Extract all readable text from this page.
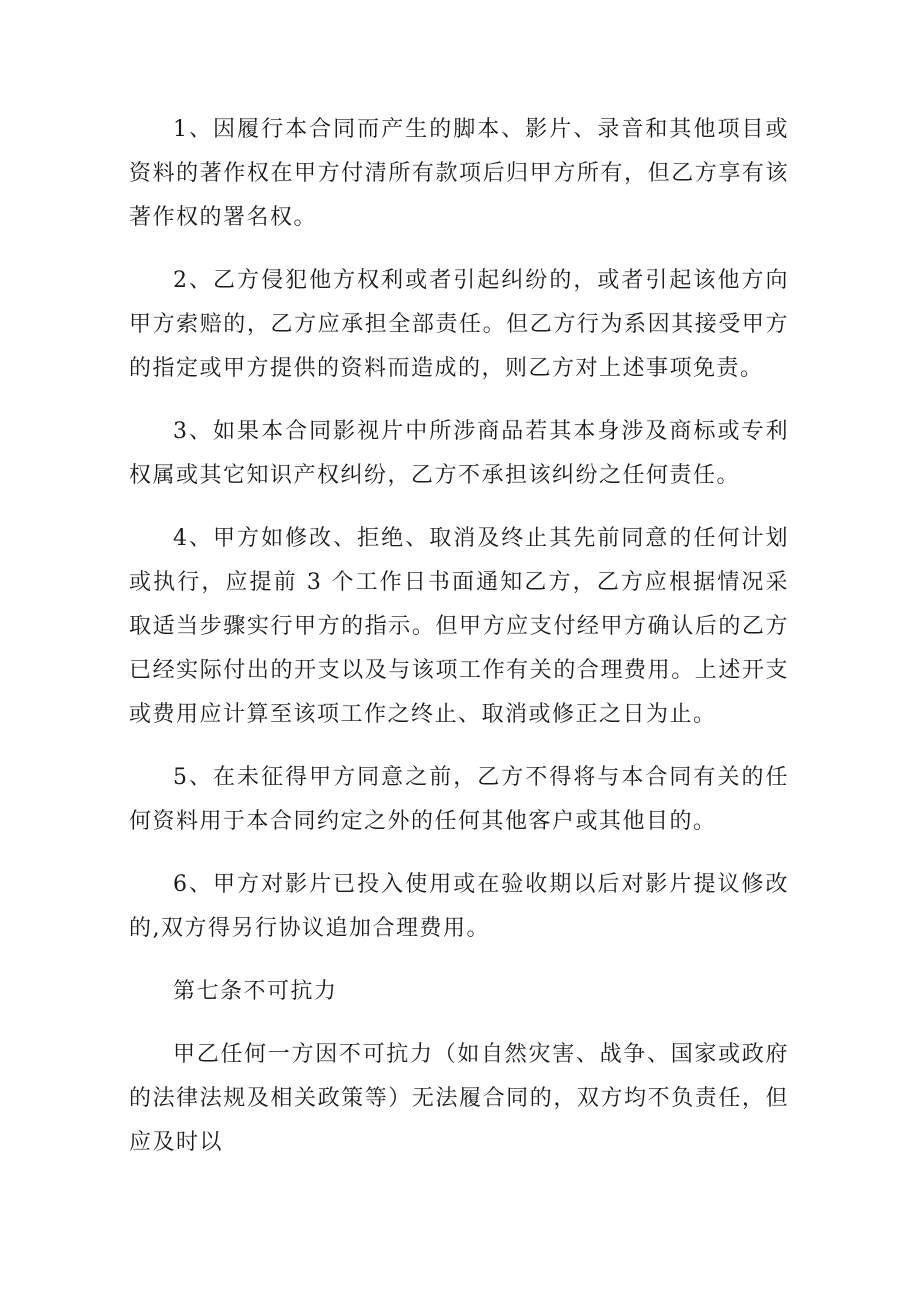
1、因履行本合同而产生的脚本、影片、录音和其他项目或资料的著作权在甲方付清所有款项后归甲方所有，但乙方享有该著作权的署名权。

2、乙方侵犯他方权利或者引起纠纷的，或者引起该他方向甲方索赔的，乙方应承担全部责任。但乙方行为系因其接受甲方的指定或甲方提供的资料而造成的，则乙方对上述事项免责。

3、如果本合同影视片中所涉商品若其本身涉及商标或专利权属或其它知识产权纠纷，乙方不承担该纠纷之任何责任。

4、甲方如修改、拒绝、取消及终止其先前同意的任何计划或执行，应提前 3 个工作日书面通知乙方，乙方应根据情况采取适当步骤实行甲方的指示。但甲方应支付经甲方确认后的乙方已经实际付出的开支以及与该项工作有关的合理费用。上述开支或费用应计算至该项工作之终止、取消或修正之日为止。

5、在未征得甲方同意之前，乙方不得将与本合同有关的任何资料用于本合同约定之外的任何其他客户或其他目的。

6、甲方对影片已投入使用或在验收期以后对影片提议修改的,双方得另行协议追加合理费用。

第七条不可抗力

甲乙任何一方因不可抗力（如自然灾害、战争、国家或政府的法律法规及相关政策等）无法履合同的，双方均不负责任，但应及时以
